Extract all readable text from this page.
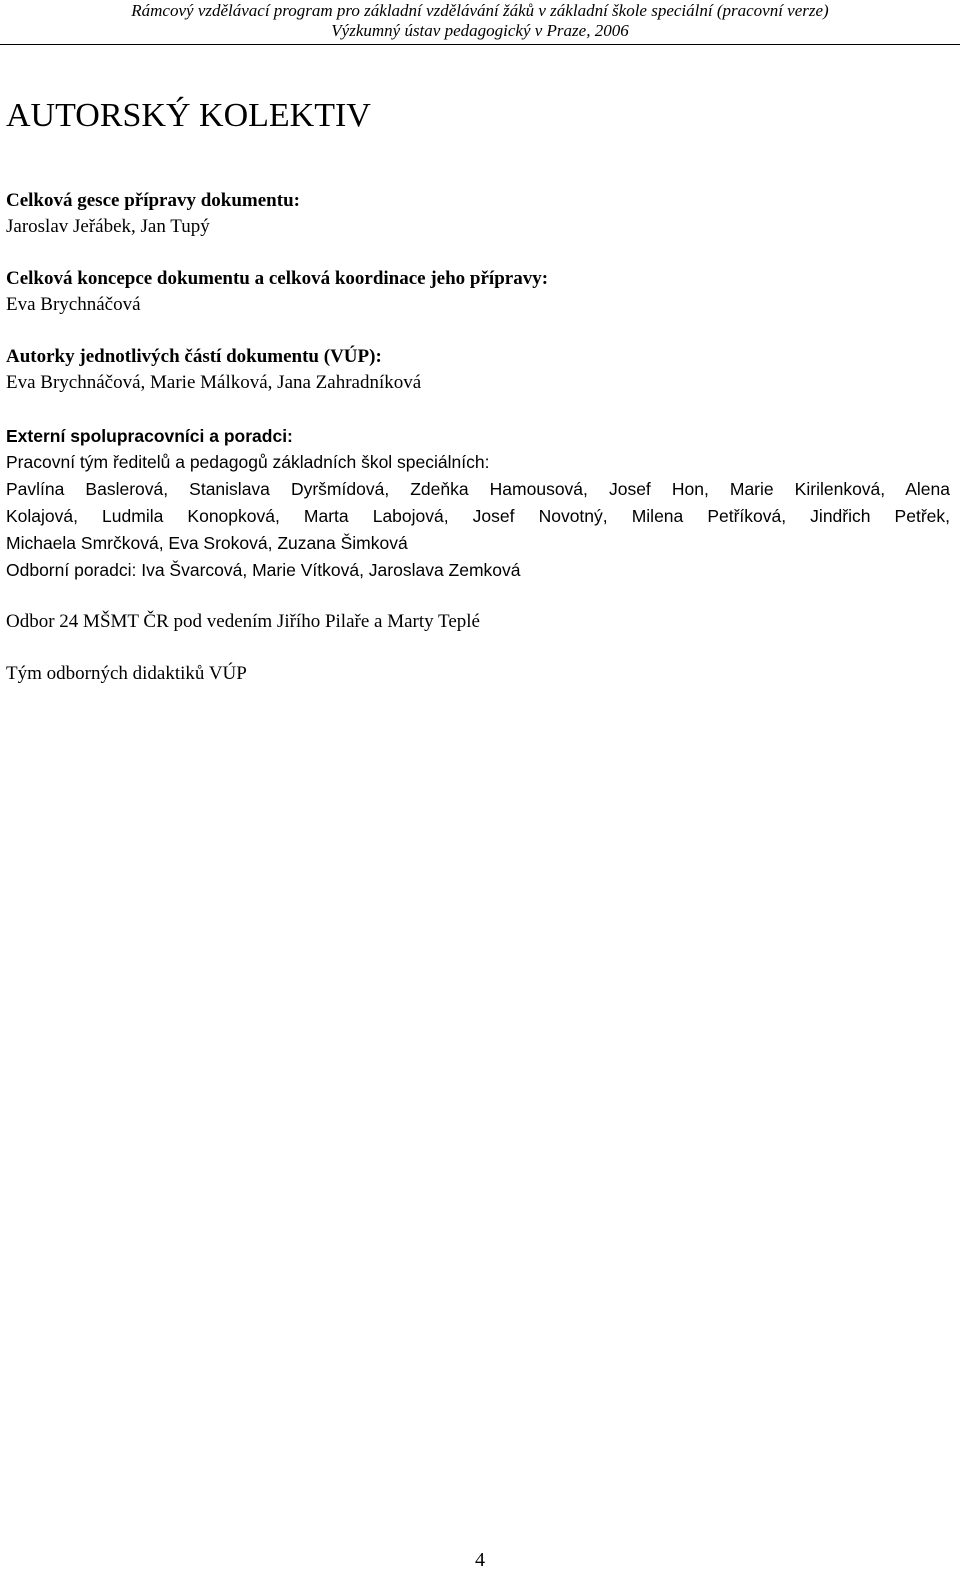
Rámcový vzdělávací program pro základní vzdělávání žáků v základní škole speciální (pracovní verze)
Výzkumný ústav pedagogický v Praze, 2006
AUTORSKÝ KOLEKTIV
Celková gesce přípravy dokumentu:
Jaroslav Jeřábek, Jan Tupý
Celková koncepce dokumentu a celková koordinace jeho přípravy:
Eva Brychnáčová
Autorky jednotlivých částí dokumentu (VÚP):
Eva Brychnáčová, Marie Málková, Jana Zahradníková
Externí spolupracovníci a poradci:
Pracovní tým ředitelů a pedagogů základních škol speciálních:
Pavlína Baslerová, Stanislava Dyršmídová, Zdeňka Hamousová, Josef Hon, Marie Kirilenková, Alena
Kolajová, Ludmila Konopková, Marta Labojová, Josef Novotný, Milena Petříková, Jindřich Petřek,
Michaela Smrčková, Eva Sroková, Zuzana Šimková
Odborní poradci: Iva Švarcová, Marie Vítková, Jaroslava Zemková
Odbor 24 MŠMT ČR pod vedením Jiřího Pilaře a Marty Teplé
Tým odborných didaktiků VÚP
4
